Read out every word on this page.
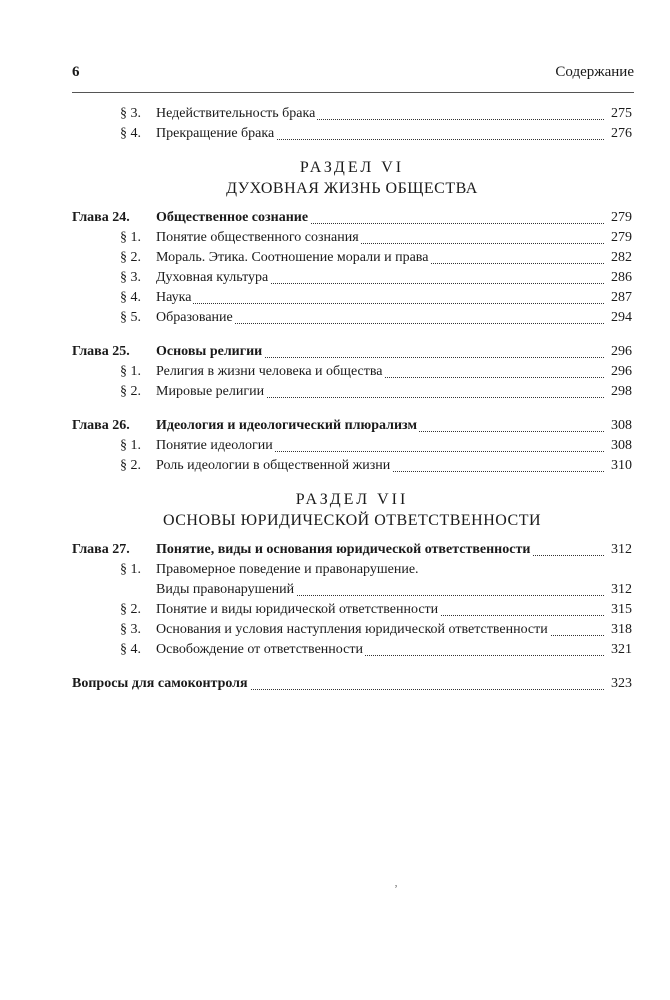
6	Содержание
§ 3. Недействительность брака	275
§ 4. Прекращение брака	276
РАЗДЕЛ VI
ДУХОВНАЯ ЖИЗНЬ ОБЩЕСТВА
Глава 24. Общественное сознание	279
§ 1. Понятие общественного сознания	279
§ 2. Мораль. Этика. Соотношение морали и права	282
§ 3. Духовная культура	286
§ 4. Наука	287
§ 5. Образование	294
Глава 25. Основы религии	296
§ 1. Религия в жизни человека и общества	296
§ 2. Мировые религии	298
Глава 26. Идеология и идеологический плюрализм	308
§ 1. Понятие идеологии	308
§ 2. Роль идеологии в общественной жизни	310
РАЗДЕЛ VII
ОСНОВЫ ЮРИДИЧЕСКОЙ ОТВЕТСТВЕННОСТИ
Глава 27. Понятие, виды и основания юридической ответственности	312
§ 1. Правомерное поведение и правонарушение.
Виды правонарушений	312
§ 2. Понятие и виды юридической ответственности	315
§ 3. Основания и условия наступления юридической ответственности	318
§ 4. Освобождение от ответственности	321
Вопросы для самоконтроля	323
ʼ
